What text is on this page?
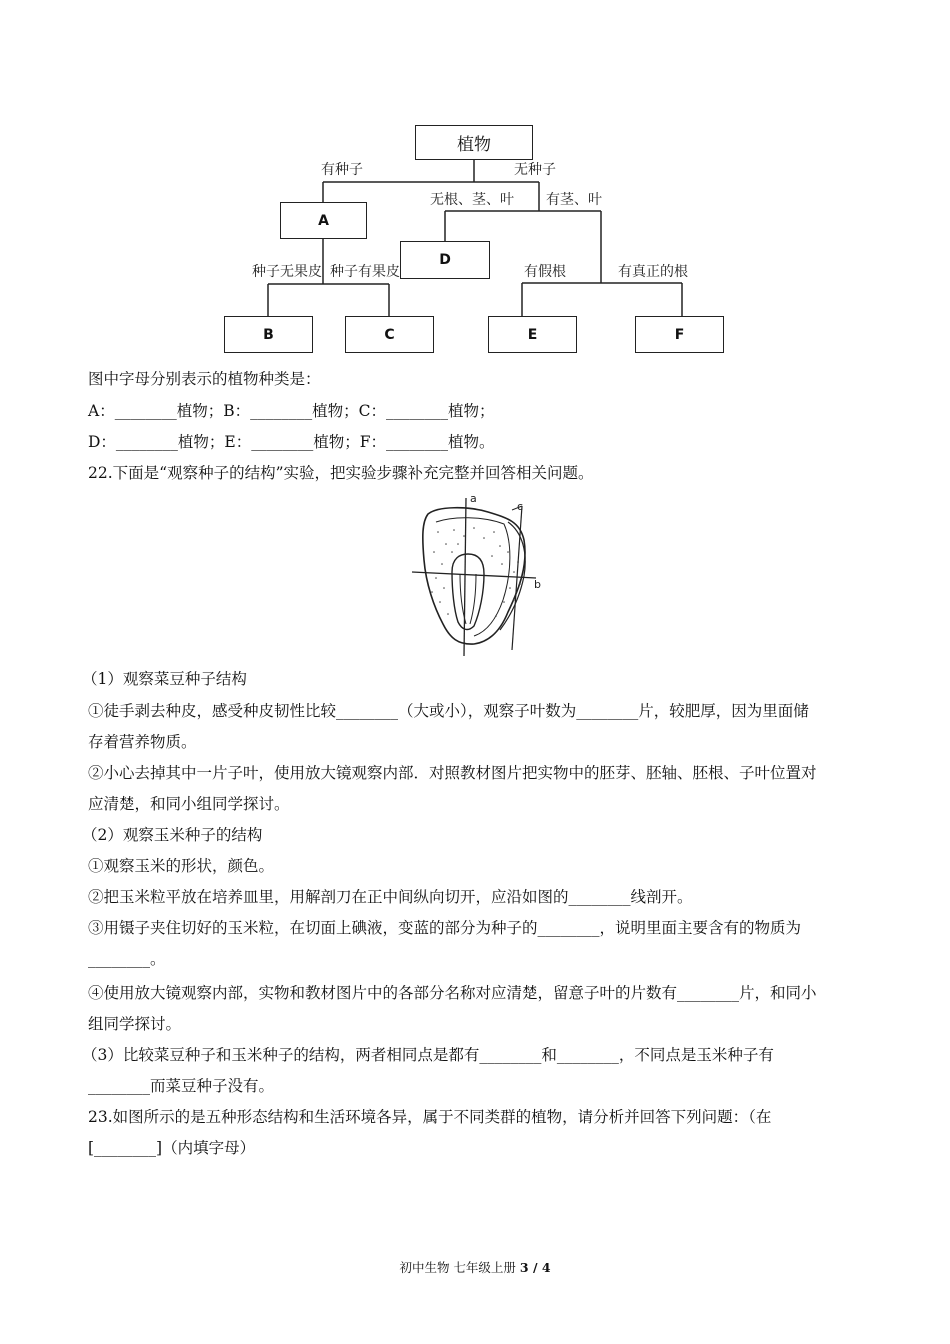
植物
A
D
B	C	E	F
有种子	无种子
无根、茎、叶 有茎、叶
种子无果皮 种子有果皮	有假根	有真正的根
图中字母分别表示的植物种类是：
A：________植物；B：________植物；C：________植物；
D：________植物；E：________植物；F：________植物。
22.下面是“观察种子的结构”实验，把实验步骤补充完整并回答相关问题。
a
b
c
（1）观察菜豆种子结构
①徒手剥去种皮，感受种皮韧性比较________（大或小），观察子叶数为________片，较肥厚，因为里面储
存着营养物质。
②小心去掉其中一片子叶，使用放大镜观察内部．对照教材图片把实物中的胚芽、胚轴、胚根、子叶位置对
应清楚，和同小组同学探讨。
（2）观察玉米种子的结构
①观察玉米的形状，颜色。
②把玉米粒平放在培养皿里，用解剖刀在正中间纵向切开，应沿如图的________线剖开。
③用镊子夹住切好的玉米粒，在切面上碘液，变蓝的部分为种子的________，说明里面主要含有的物质为
________。
④使用放大镜观察内部，实物和教材图片中的各部分名称对应清楚，留意子叶的片数有________片，和同小
组同学探讨。
（3）比较菜豆种子和玉米种子的结构，两者相同点是都有________和________，不同点是玉米种子有
________而菜豆种子没有。
23.如图所示的是五种形态结构和生活环境各异，属于不同类群的植物，请分析并回答下列问题：（在
[________]（内填字母）
初中生物 七年级上册 3 / 4
